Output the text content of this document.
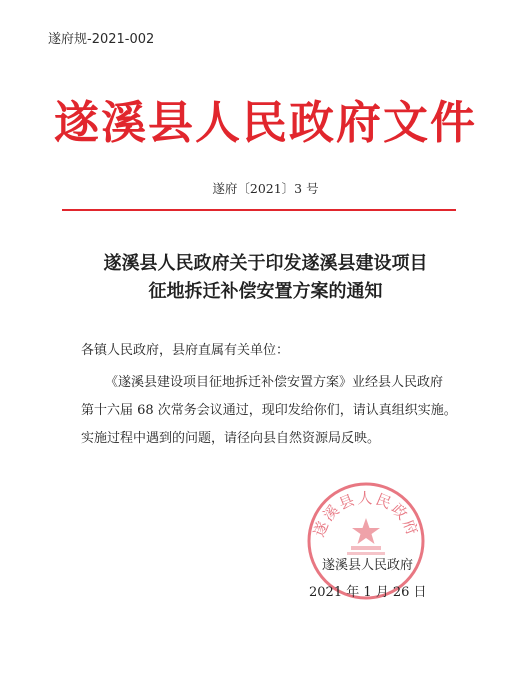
遂府规-2021-002
遂溪县人民政府文件
遂府〔2021〕3 号
遂溪县人民政府关于印发遂溪县建设项目
征地拆迁补偿安置方案的通知
各镇人民政府，县府直属有关单位：
《遂溪县建设项目征地拆迁补偿安置方案》业经县人民政府
第十六届 68 次常务会议通过，现印发给你们，请认真组织实施。
实施过程中遇到的问题，请径向县自然资源局反映。
遂溪县人民政府
遂溪县人民政府
2021 年 1 月 26 日
